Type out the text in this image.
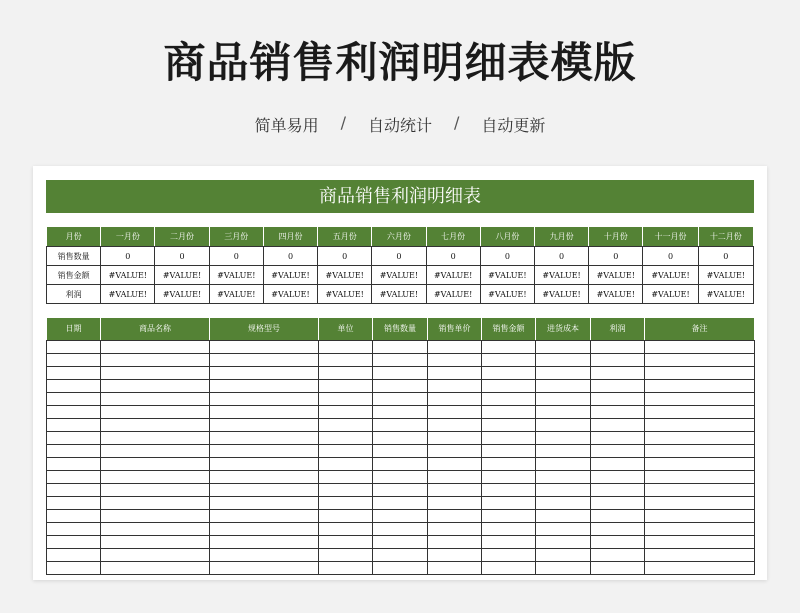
商品销售利润明细表模版
简单易用 / 自动统计 / 自动更新
商品销售利润明细表
月份	一月份	二月份	三月份	四月份	五月份	六月份	七月份	八月份	九月份	十月份	十一月份	十二月份
销售数量	0	0	0	0	0	0	0	0	0	0	0	0
销售金额	#VALUE!	#VALUE!	#VALUE!	#VALUE!	#VALUE!	#VALUE!	#VALUE!	#VALUE!	#VALUE!	#VALUE!	#VALUE!	#VALUE!
利润	#VALUE!	#VALUE!	#VALUE!	#VALUE!	#VALUE!	#VALUE!	#VALUE!	#VALUE!	#VALUE!	#VALUE!	#VALUE!	#VALUE!
日期	商品名称	规格型号	单位	销售数量	销售单价	销售金额	进货成本	利润	备注
